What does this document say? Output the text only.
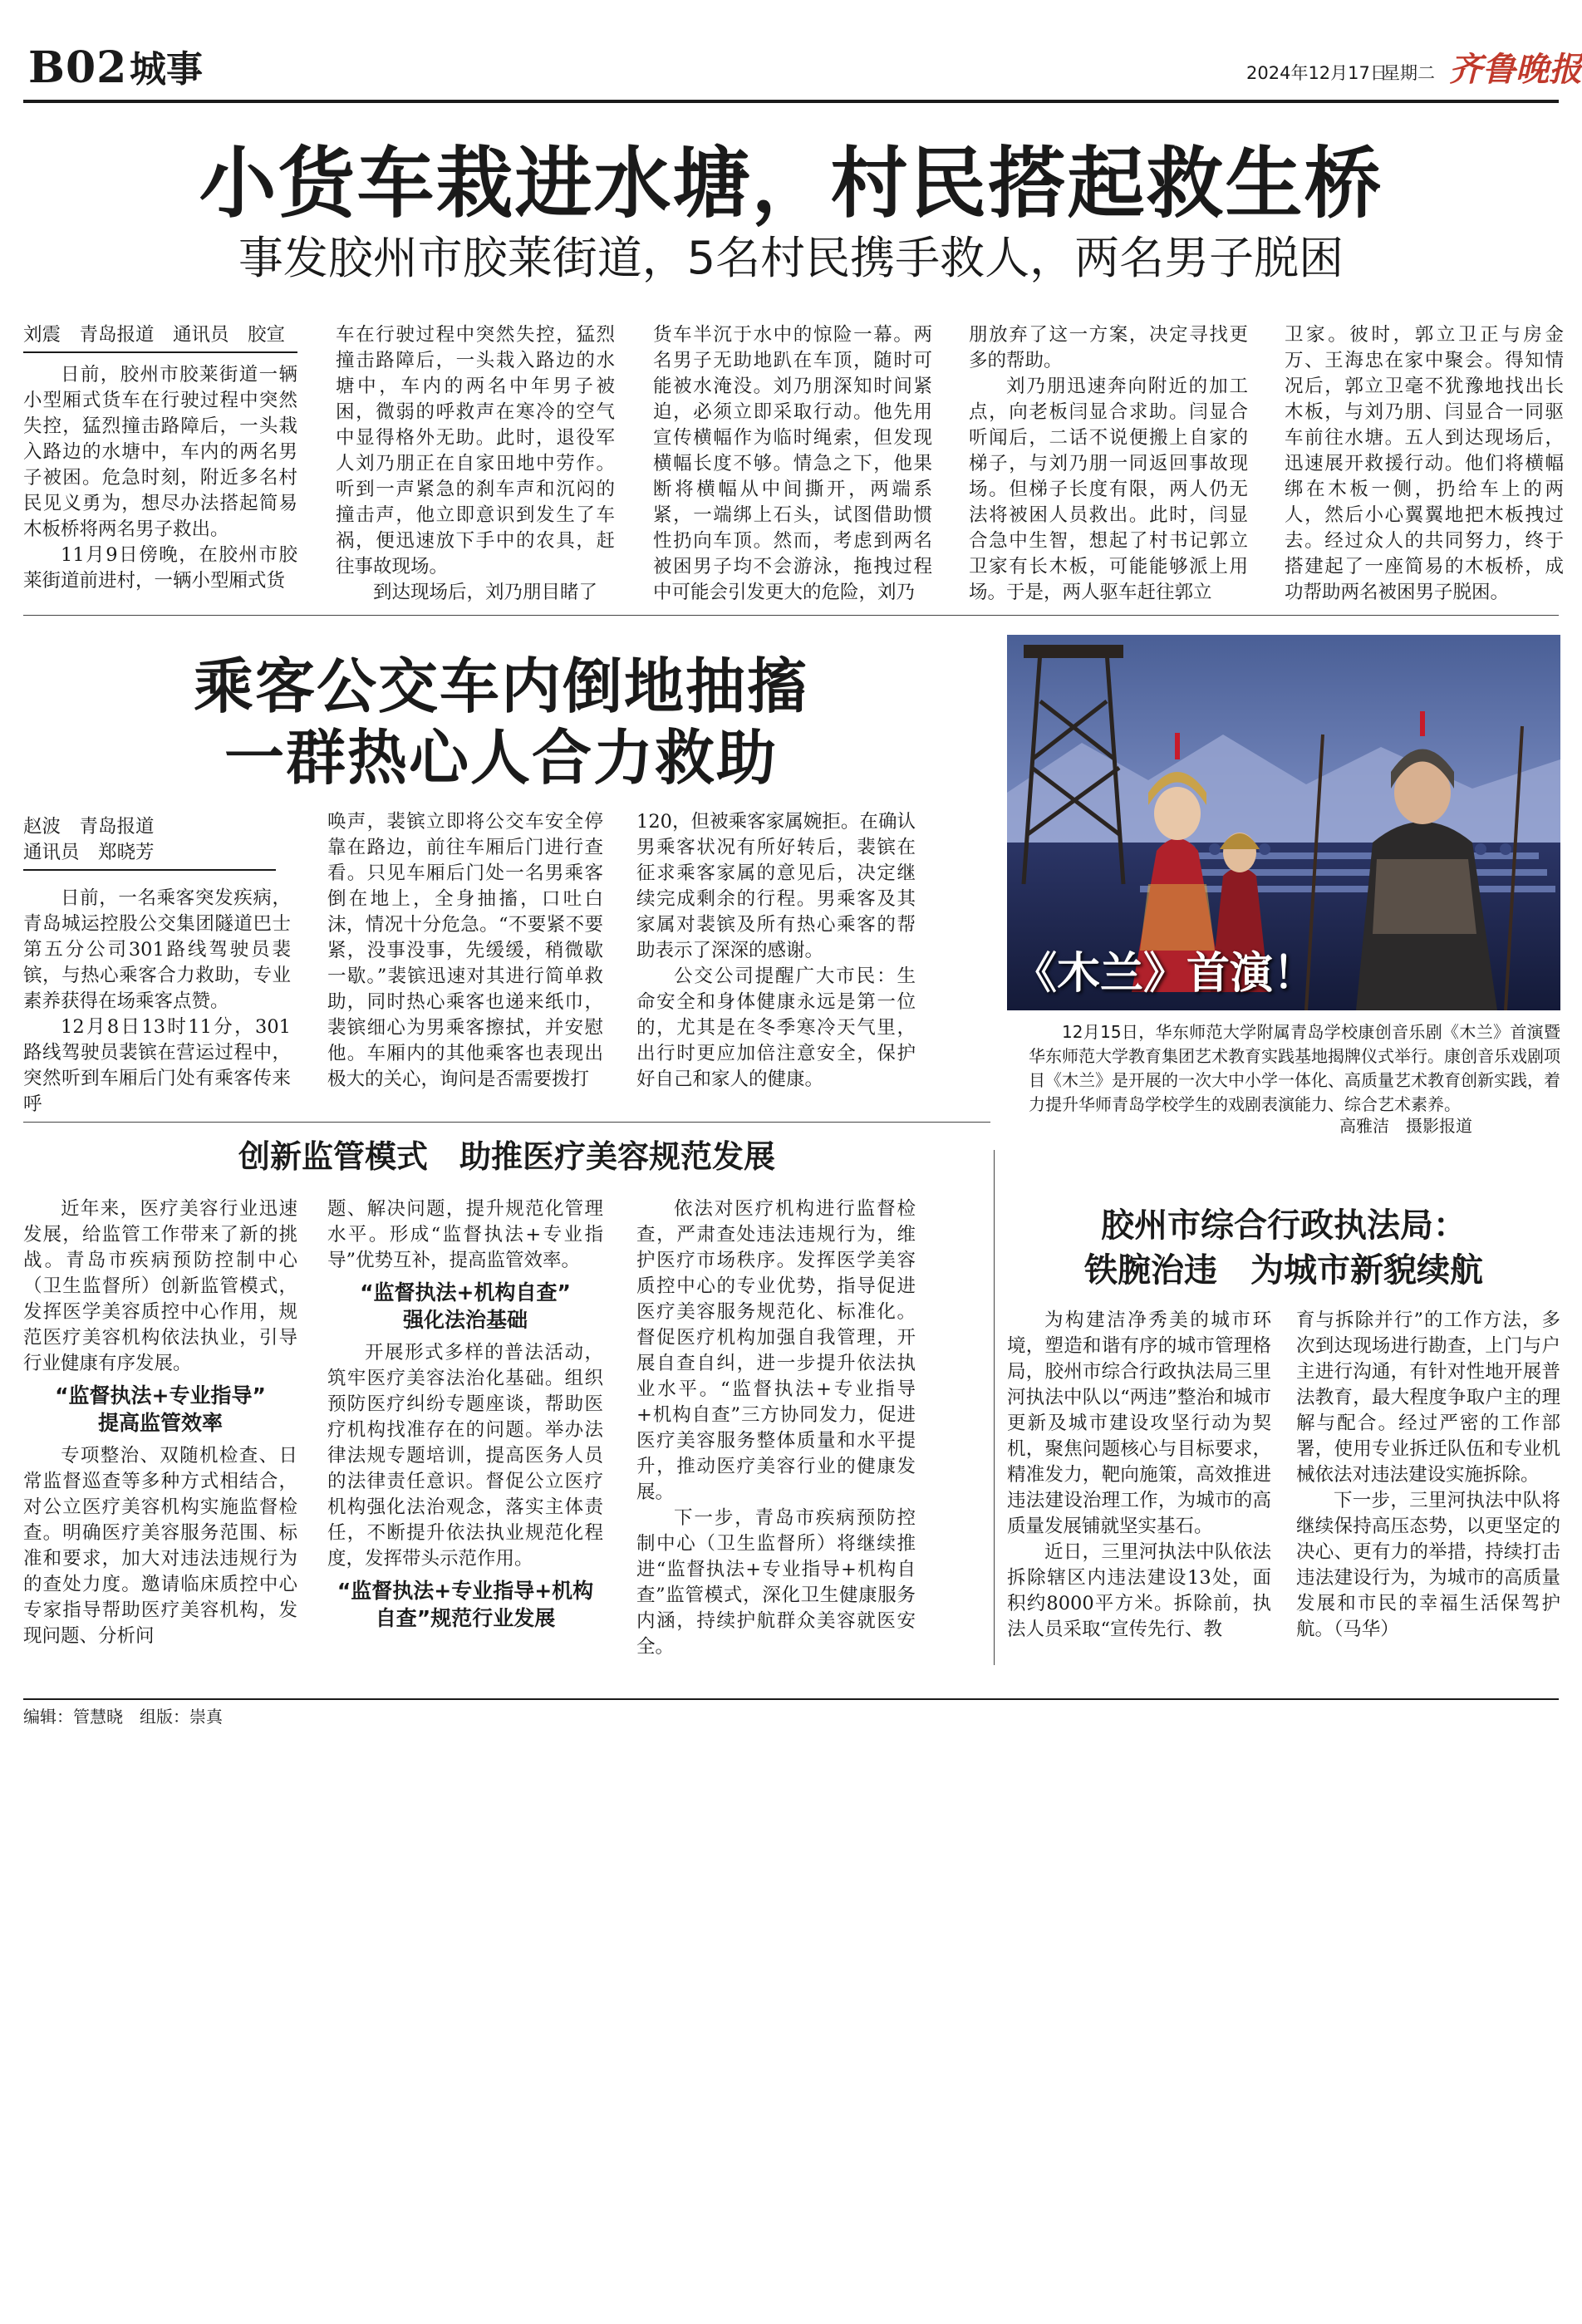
B02 城事	2024年12月17日
星期二 齐鲁晚报
小货车栽进水塘，村民搭起救生桥
事发胶州市胶莱街道，5名村民携手救人，两名男子脱困
刘震　青岛报道　通讯员　胶宣

日前，胶州市胶莱街道一辆小型厢式货车在行驶过程中突然失控，猛烈撞击路障后，一头栽入路边的水塘中，车内的两名男子被困。危急时刻，附近多名村民见义勇为，想尽办法搭起简易木板桥将两名男子救出。

11月9日傍晚，在胶州市胶莱街道前进村，一辆小型厢式货

车在行驶过程中突然失控，猛烈撞击路障后，一头栽入路边的水塘中，车内的两名中年男子被困，微弱的呼救声在寒冷的空气中显得格外无助。此时，退役军人刘乃朋正在自家田地中劳作。听到一声紧急的刹车声和沉闷的撞击声，他立即意识到发生了车祸，便迅速放下手中的农具，赶往事故现场。

到达现场后，刘乃朋目睹了

货车半沉于水中的惊险一幕。两名男子无助地趴在车顶，随时可能被水淹没。刘乃朋深知时间紧迫，必须立即采取行动。他先用宣传横幅作为临时绳索，但发现横幅长度不够。情急之下，他果断将横幅从中间撕开，两端系紧，一端绑上石头，试图借助惯性扔向车顶。然而，考虑到两名被困男子均不会游泳，拖拽过程中可能会引发更大的危险，刘乃

朋放弃了这一方案，决定寻找更多的帮助。

刘乃朋迅速奔向附近的加工点，向老板闫显合求助。闫显合听闻后，二话不说便搬上自家的梯子，与刘乃朋一同返回事故现场。但梯子长度有限，两人仍无法将被困人员救出。此时，闫显合急中生智，想起了村书记郭立卫家有长木板，可能能够派上用场。于是，两人驱车赶往郭立

卫家。彼时，郭立卫正与房金万、王海忠在家中聚会。得知情况后，郭立卫毫不犹豫地找出长木板，与刘乃朋、闫显合一同驱车前往水塘。五人到达现场后，迅速展开救援行动。他们将横幅绑在木板一侧，扔给车上的两人，然后小心翼翼地把木板拽过去。经过众人的共同努力，终于搭建起了一座简易的木板桥，成功帮助两名被困男子脱困。

乘客公交车内倒地抽搐
一群热心人合力救助
赵波　青岛报道
通讯员　郑晓芳

日前，一名乘客突发疾病，青岛城运控股公交集团隧道巴士第五分公司301路线驾驶员裴镔，与热心乘客合力救助，专业素养获得在场乘客点赞。

12月8日13时11分，301路线驾驶员裴镔在营运过程中，突然听到车厢后门处有乘客传来呼

唤声，裴镔立即将公交车安全停靠在路边，前往车厢后门进行查看。只见车厢后门处一名男乘客倒在地上，全身抽搐，口吐白沫，情况十分危急。“不要紧不要紧，没事没事，先缓缓，稍微歇一歇。”裴镔迅速对其进行简单救助，同时热心乘客也递来纸巾，裴镔细心为男乘客擦拭，并安慰他。车厢内的其他乘客也表现出极大的关心，询问是否需要拨打

120，但被乘客家属婉拒。在确认男乘客状况有所好转后，裴镔在征求乘客家属的意见后，决定继续完成剩余的行程。男乘客及其家属对裴镔及所有热心乘客的帮助表示了深深的感谢。

公交公司提醒广大市民：生命安全和身体健康永远是第一位的，尤其是在冬季寒冷天气里，出行时更应加倍注意安全，保护好自己和家人的健康。

《木兰》首演！

12月15日，华东师范大学附属青岛学校康创音乐剧《木兰》首演暨华东师范大学教育集团艺术教育实践基地揭牌仪式举行。康创音乐戏剧项目《木兰》是开展的一次大中小学一体化、高质量艺术教育创新实践，着力提升华师青岛学校学生的戏剧表演能力、综合艺术素养。

高雅洁　摄影报道
创新监管模式　助推医疗美容规范发展

近年来，医疗美容行业迅速发展，给监管工作带来了新的挑战。青岛市疾病预防控制中心（卫生监督所）创新监管模式，发挥医学美容质控中心作用，规范医疗美容机构依法执业，引导行业健康有序发展。

“监督执法+专业指导”
提高监管效率

专项整治、双随机检查、日常监督巡查等多种方式相结合，对公立医疗美容机构实施监督检查。明确医疗美容服务范围、标准和要求，加大对违法违规行为的查处力度。邀请临床质控中心专家指导帮助医疗美容机构，发现问题、分析问

题、解决问题，提升规范化管理水平。形成“监督执法+专业指导”优势互补，提高监管效率。

“监督执法+机构自查”
强化法治基础

开展形式多样的普法活动，筑牢医疗美容法治化基础。组织预防医疗纠纷专题座谈，帮助医疗机构找准存在的问题。举办法律法规专题培训，提高医务人员的法律责任意识。督促公立医疗机构强化法治观念，落实主体责任，不断提升依法执业规范化程度，发挥带头示范作用。

“监督执法+专业指导+机构
自查”规范行业发展

依法对医疗机构进行监督检查，严肃查处违法违规行为，维护医疗市场秩序。发挥医学美容质控中心的专业优势，指导促进医疗美容服务规范化、标准化。督促医疗机构加强自我管理，开展自查自纠，进一步提升依法执业水平。“监督执法+专业指导+机构自查”三方协同发力，促进医疗美容服务整体质量和水平提升，推动医疗美容行业的健康发展。

下一步，青岛市疾病预防控制中心（卫生监督所）将继续推进“监督执法+专业指导+机构自查”监管模式，深化卫生健康服务内涵，持续护航群众美容就医安全。

胶州市综合行政执法局：
铁腕治违　为城市新貌续航

为构建洁净秀美的城市环境，塑造和谐有序的城市管理格局，胶州市综合行政执法局三里河执法中队以“两违”整治和城市更新及城市建设攻坚行动为契机，聚焦问题核心与目标要求，精准发力，靶向施策，高效推进违法建设治理工作，为城市的高质量发展铺就坚实基石。

近日，三里河执法中队依法拆除辖区内违法建设13处，面积约8000平方米。拆除前，执法人员采取“宣传先行、教

育与拆除并行”的工作方法，多次到达现场进行勘查，上门与户主进行沟通，有针对性地开展普法教育，最大程度争取户主的理解与配合。经过严密的工作部署，使用专业拆迁队伍和专业机械依法对违法建设实施拆除。

下一步，三里河执法中队将继续保持高压态势，以更坚定的决心、更有力的举措，持续打击违法建设行为，为城市的高质量发展和市民的幸福生活保驾护航。（马华）

编辑：管慧晓　组版：崇真
